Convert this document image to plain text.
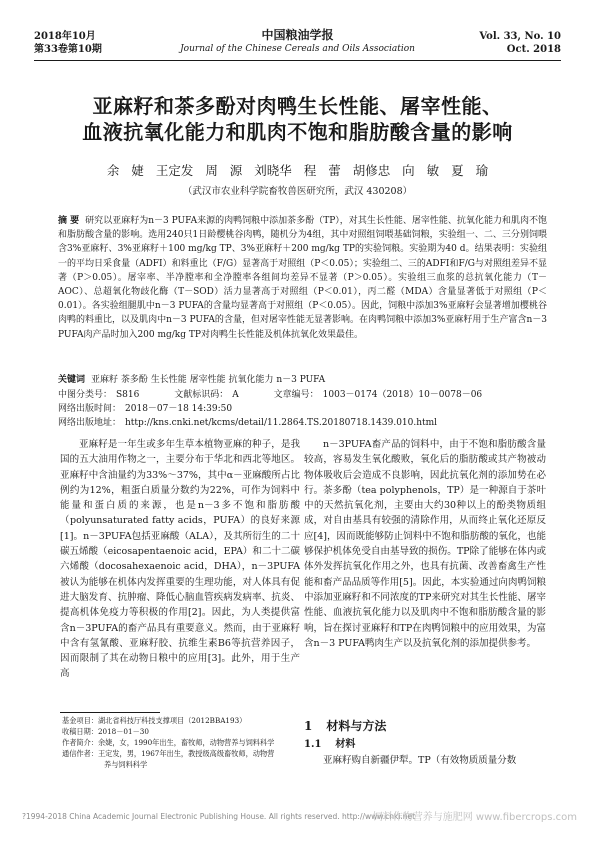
2018年10月
第33卷第10期
中国粮油学报
Journal of the Chinese Cereals and Oils Association
Vol. 33, No. 10
Oct. 2018
亚麻籽和茶多酚对肉鸭生长性能、屠宰性能、
血液抗氧化能力和肌肉不饱和脂肪酸含量的影响
余 婕 王定发 周 源 刘晓华 程 蕾 胡修忠 向 敏 夏 瑜
（武汉市农业科学院畜牧兽医研究所，武汉 430208）
摘 要 研究以亚麻籽为n－3 PUFA来源的肉鸭饲粮中添加茶多酚（TP），对其生长性能、屠宰性能、抗氧化能力和肌肉不饱和脂肪酸含量的影响。选用240只1日龄樱桃谷肉鸭，随机分为4组，其中对照组饲喂基础饲粮，实验组一、二、三分别饲喂含3%亚麻籽、3%亚麻籽＋100 mg/kg TP、3%亚麻籽＋200 mg/kg TP的实验饲粮。实验期为40 d。结果表明：实验组一的平均日采食量（ADFI）和料重比（F/G）显著高于对照组（P＜0.05）；实验组二、三的ADFI和F/G与对照组差异不显著（P＞0.05）。屠宰率、半净膛率和全净膛率各组间均差异不显著（P＞0.05）。实验组三血浆的总抗氧化能力（T－AOC）、总超氧化物歧化酶（T－SOD）活力显著高于对照组（P＜0.01），丙二醛（MDA）含量显著低于对照组（P＜0.01）。各实验组腿肌中n－3 PUFA的含量均显著高于对照组（P＜0.05）。因此，饲粮中添加3%亚麻籽会显著增加樱桃谷肉鸭的料重比，以及肌肉中n－3 PUFA的含量，但对屠宰性能无显著影响。在肉鸭饲粮中添加3%亚麻籽用于生产富含n－3 PUFA肉产品时加入200 mg/kg TP对肉鸭生长性能及机体抗氧化效果最佳。
关键词 亚麻籽 茶多酚 生长性能 屠宰性能 抗氧化能力 n－3 PUFA
中图分类号： S816	文献标识码： A	文章编号： 1003－0174（2018）10－0078－06
网络出版时间： 2018－07－18 14:39:50
网络出版地址： http://kns.cnki.net/kcms/detail/11.2864.TS.20180718.1439.010.html

亚麻籽是一年生或多年生草本植物亚麻的种子，是我国的五大油用作物之一，主要分布于华北和西北等地区。亚麻籽中含油量约为33%～37%，其中α－亚麻酸所占比例约为12%，粗蛋白质量分数约为22%，可作为饲料中能量和蛋白质的来源，也是n－3多不饱和脂肪酸（polyunsaturated fatty acids，PUFA）的良好来源[1]。n－3PUFA包括亚麻酸（ALA），及其所衍生的二十碳五烯酸（eicosapentaenoic acid，EPA）和二十二碳六烯酸（docosahexaenoic acid，DHA），n－3PUFA被认为能够在机体内发挥重要的生理功能，对人体具有促进大脑发育、抗肿瘤、降低心脑血管疾病发病率、抗炎、提高机体免疫力等积极的作用[2]。因此，为人类提供富含n－3PUFA的畜产品具有重要意义。然而，由于亚麻籽中含有氢氰酸、亚麻籽胶、抗维生素B6等抗营养因子，因而限制了其在动物日粮中的应用[3]。此外，用于生产高

n－3PUFA畜产品的饲料中，由于不饱和脂肪酸含量较高，容易发生氧化酸败，氧化后的脂肪酸或其产物被动物体吸收后会造成不良影响，因此抗氧化剂的添加势在必行。茶多酚（tea polyphenols，TP）是一种源自于茶叶中的天然抗氧化剂，主要由大约30种以上的酚类物质组成，对自由基具有较强的清除作用，从而终止氧化还原反应[4]，因而既能够防止饲料中不饱和脂肪酸的氧化，也能够保护机体免受自由基导致的损伤。TP除了能够在体内或体外发挥抗氧化作用之外，也具有抗菌、改善畜禽生产性能和畜产品品质等作用[5]。因此，本实验通过向肉鸭饲粮中添加亚麻籽和不同浓度的TP来研究对其生长性能、屠宰性能、血液抗氧化能力以及肌肉中不饱和脂肪酸含量的影响，旨在探讨亚麻籽和TP在肉鸭饲粮中的应用效果，为富含n－3 PUFA鸭肉生产以及抗氧化剂的添加提供参考。

基金项目：湖北省科技厅科技支撑项目（2012BBA193）
收稿日期：2018－01－30
作者简介：余婕，女，1990年出生，畜牧师，动物营养与饲料科学
通信作者：王定发，男，1967年出生，教授级高级畜牧师，动物营
养与饲料科学
1 材料与方法
1.1 材料
亚麻籽购自新疆伊犁。TP（有效物质质量分数
?1994-2018 China Academic Journal Electronic Publishing House. All rights reserved. http://www.cnki.net
饲料作物营养与施肥网 www.fibercrops.com
